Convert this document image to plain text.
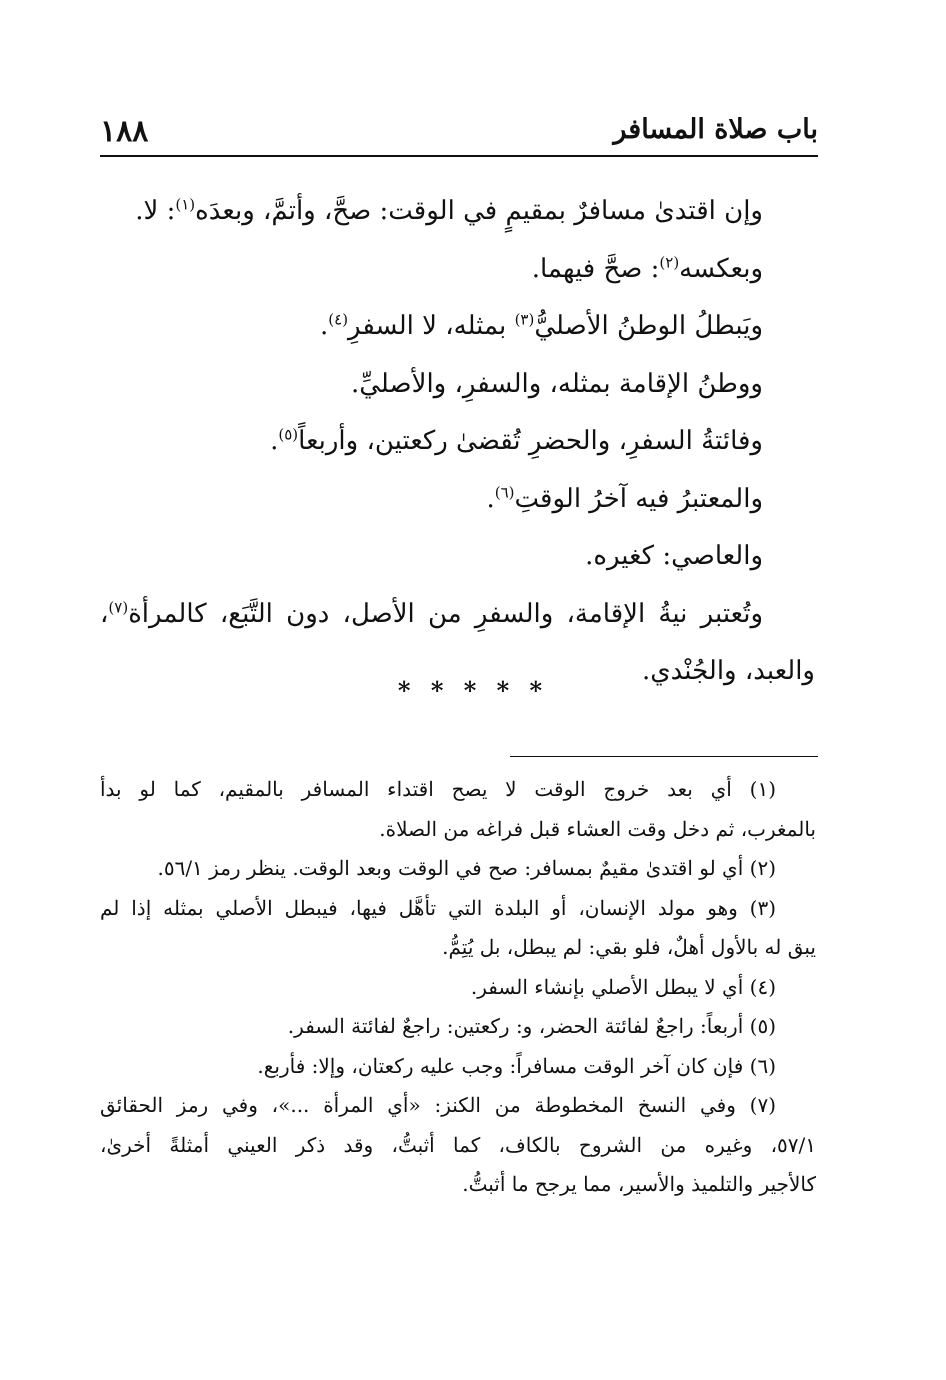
١٨٨	باب صلاة المسافر
وإن اقتدىٰ مسافرٌ بمقيمٍ في الوقت: صحَّ، وأتمَّ، وبعدَه$^{(١)}$: لا.
وبعكسه$^{(٢)}$: صحَّ فيهما.
ويَبطلُ الوطنُ الأصليُّ$^{(٣)}$ بمثله، لا السفرِ$^{(٤)}$.
ووطنُ الإقامة بمثله، والسفرِ، والأصليِّ.
وفائتةُ السفرِ، والحضرِ تُقضىٰ ركعتين، وأربعاً$^{(٥)}$.
والمعتبرُ فيه آخرُ الوقتِ$^{(٦)}$.
والعاصي: كغيره.
وتُعتبر نيةُ الإقامة، والسفرِ من الأصل، دون التَّبَع، كالمرأة$^{(٧)}$،
والعبد، والجُنْدي.
* * * * *
(١) أي بعد خروج الوقت لا يصح اقتداء المسافر بالمقيم، كما لو بدأ
بالمغرب، ثم دخل وقت العشاء قبل فراغه من الصلاة.
(٢) أي لو اقتدىٰ مقيمٌ بمسافر: صح في الوقت وبعد الوقت. ينظر رمز ٥٦/١.
(٣) وهو مولد الإنسان، أو البلدة التي تأهَّل فيها، فيبطل الأصلي بمثله إذا لم
يبق له بالأول أهلٌ، فلو بقي: لم يبطل، بل يُتِمُّ.
(٤) أي لا يبطل الأصلي بإنشاء السفر.
(٥) أربعاً: راجعٌ لفائتة الحضر، و: ركعتين: راجعٌ لفائتة السفر.
(٦) فإن كان آخر الوقت مسافراً: وجب عليه ركعتان، وإلا: فأربع.
(٧) وفي النسخ المخطوطة من الكنز: «أي المرأة ...»، وفي رمز الحقائق
٥٧/١، وغيره من الشروح بالكاف، كما أثبتُّ، وقد ذكر العيني أمثلةً أخرىٰ،
كالأجير والتلميذ والأسير، مما يرجح ما أثبتُّ.
